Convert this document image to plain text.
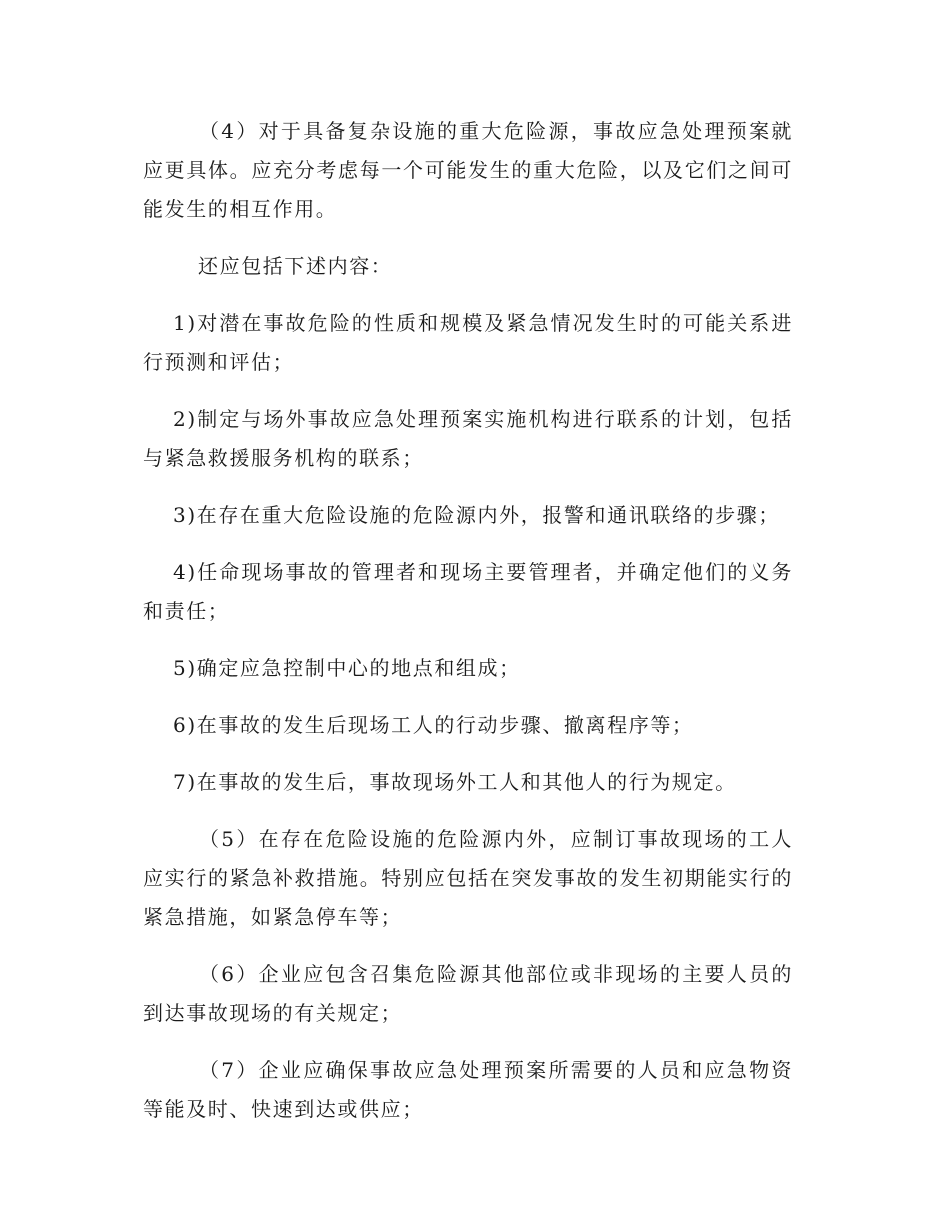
（4）对于具备复杂设施的重大危险源，事故应急处理预案就应更具体。应充分考虑每一个可能发生的重大危险，以及它们之间可能发生的相互作用。

还应包括下述内容：

1)对潜在事故危险的性质和规模及紧急情况发生时的可能关系进行预测和评估；

2)制定与场外事故应急处理预案实施机构进行联系的计划，包括与紧急救援服务机构的联系；

3)在存在重大危险设施的危险源内外，报警和通讯联络的步骤；

4)任命现场事故的管理者和现场主要管理者，并确定他们的义务和责任；

5)确定应急控制中心的地点和组成；

6)在事故的发生后现场工人的行动步骤、撤离程序等；

7)在事故的发生后，事故现场外工人和其他人的行为规定。

（5）在存在危险设施的危险源内外，应制订事故现场的工人应实行的紧急补救措施。特别应包括在突发事故的发生初期能实行的紧急措施，如紧急停车等；

（6）企业应包含召集危险源其他部位或非现场的主要人员的到达事故现场的有关规定；

（7）企业应确保事故应急处理预案所需要的人员和应急物资等能及时、快速到达或供应；
